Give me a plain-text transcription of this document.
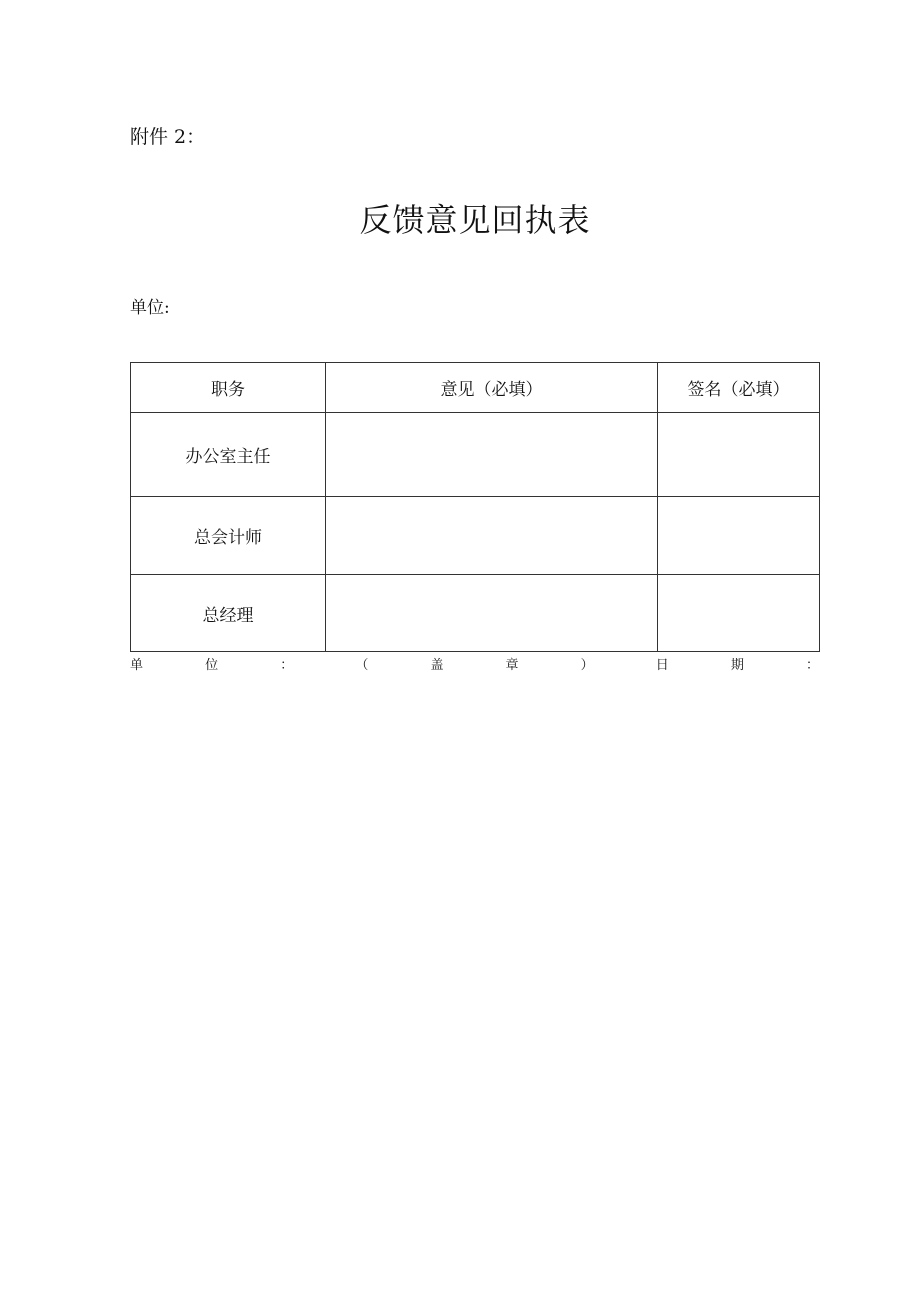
附件 2：
反馈意见回执表
单位:
职务	意见（必填）	签名（必填）
办公室主任		
总会计师		
总经理		
单	位	：	（	盖	章	）	日	期	：
